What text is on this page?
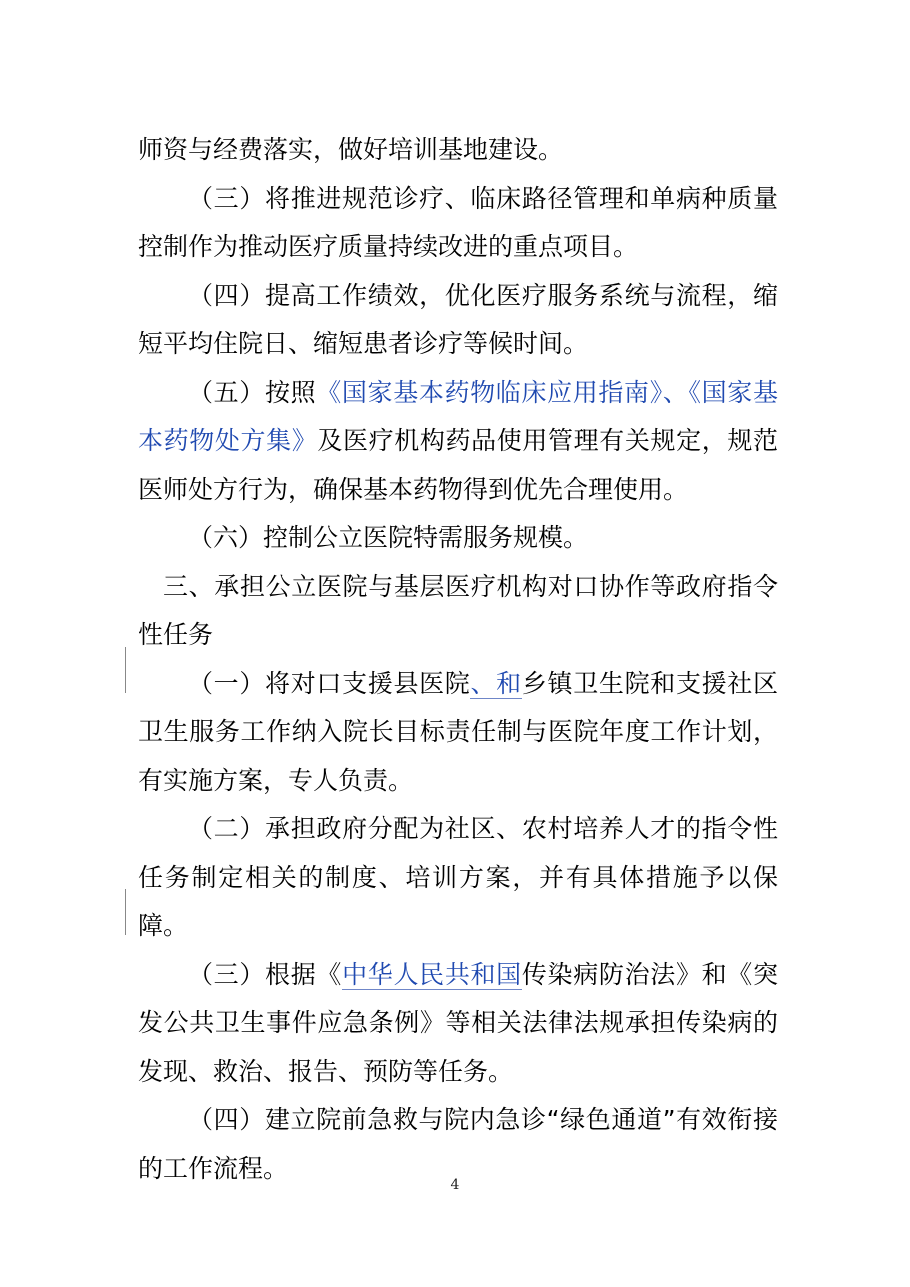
师资与经费落实，做好培训基地建设。

（三）将推进规范诊疗、临床路径管理和单病种质量控制作为推动医疗质量持续改进的重点项目。

（四）提高工作绩效，优化医疗服务系统与流程，缩短平均住院日、缩短患者诊疗等候时间。

（五）按照《国家基本药物临床应用指南》、《国家基本药物处方集》及医疗机构药品使用管理有关规定，规范医师处方行为，确保基本药物得到优先合理使用。

（六）控制公立医院特需服务规模。

三、承担公立医院与基层医疗机构对口协作等政府指令性任务

（一）将对口支援县医院、和乡镇卫生院和支援社区卫生服务工作纳入院长目标责任制与医院年度工作计划，有实施方案，专人负责。

（二）承担政府分配为社区、农村培养人才的指令性任务制定相关的制度、培训方案，并有具体措施予以保障。

（三）根据《中华人民共和国传染病防治法》和《突发公共卫生事件应急条例》等相关法律法规承担传染病的发现、救治、报告、预防等任务。

（四）建立院前急救与院内急诊“绿色通道”有效衔接的工作流程。

4
